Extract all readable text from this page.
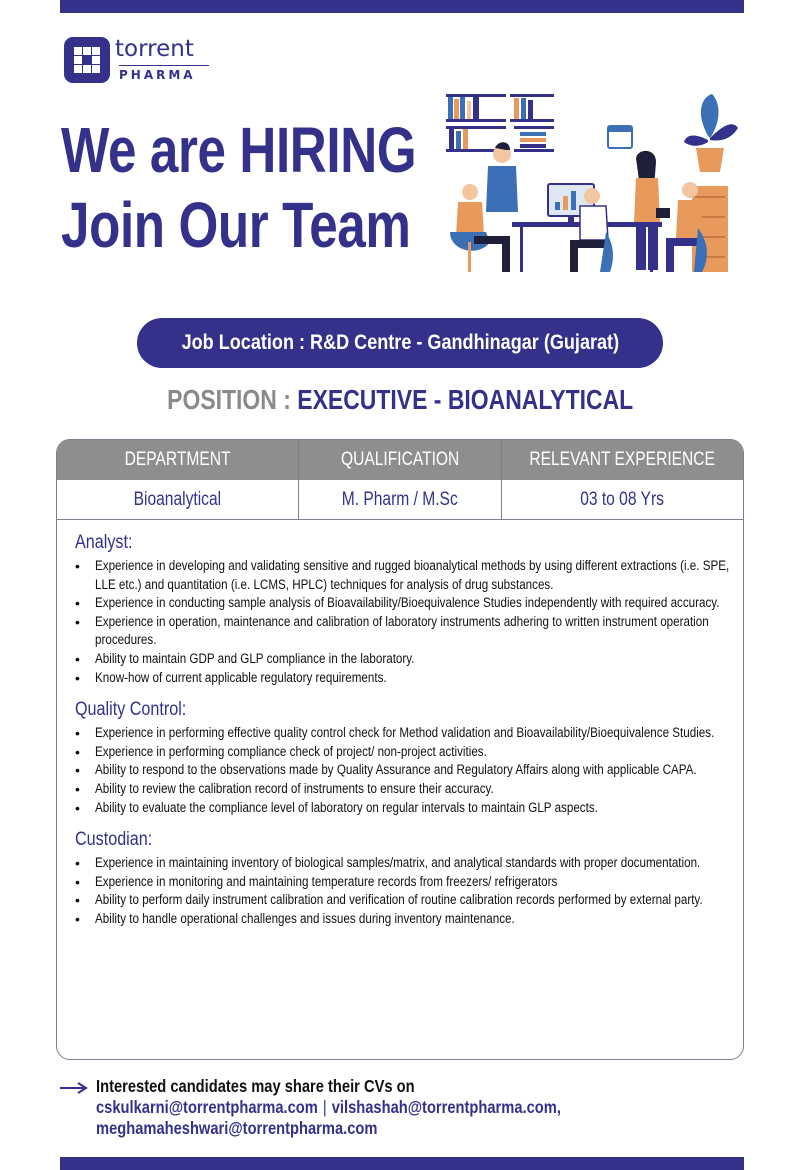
torrent
PHARMA
We are HIRING
Join Our Team
Job Location : R&D Centre - Gandhinagar (Gujarat)
POSITION : EXECUTIVE - BIOANALYTICAL
DEPARTMENT	QUALIFICATION	RELEVANT EXPERIENCE
Bioanalytical	M. Pharm / M.Sc	03 to 08 Yrs
Analyst:
• Experience in developing and validating sensitive and rugged bioanalytical methods by using different extractions (i.e. SPE, LLE etc.) and quantitation (i.e. LCMS, HPLC) techniques for analysis of drug substances.
• Experience in conducting sample analysis of Bioavailability/Bioequivalence Studies independently with required accuracy.
• Experience in operation, maintenance and calibration of laboratory instruments adhering to written instrument operation procedures.
• Ability to maintain GDP and GLP compliance in the laboratory.
• Know-how of current applicable regulatory requirements.
Quality Control:
• Experience in performing effective quality control check for Method validation and Bioavailability/Bioequivalence Studies.
• Experience in performing compliance check of project/ non-project activities.
• Ability to respond to the observations made by Quality Assurance and Regulatory Affairs along with applicable CAPA.
• Ability to review the calibration record of instruments to ensure their accuracy.
• Ability to evaluate the compliance level of laboratory on regular intervals to maintain GLP aspects.
Custodian:
• Experience in maintaining inventory of biological samples/matrix, and analytical standards with proper documentation.
• Experience in monitoring and maintaining temperature records from freezers/ refrigerators
• Ability to perform daily instrument calibration and verification of routine calibration records performed by external party.
• Ability to handle operational challenges and issues during inventory maintenance.
Interested candidates may share their CVs on
cskulkarni@torrentpharma.com | vilshashah@torrentpharma.com,
meghamaheshwari@torrentpharma.com
